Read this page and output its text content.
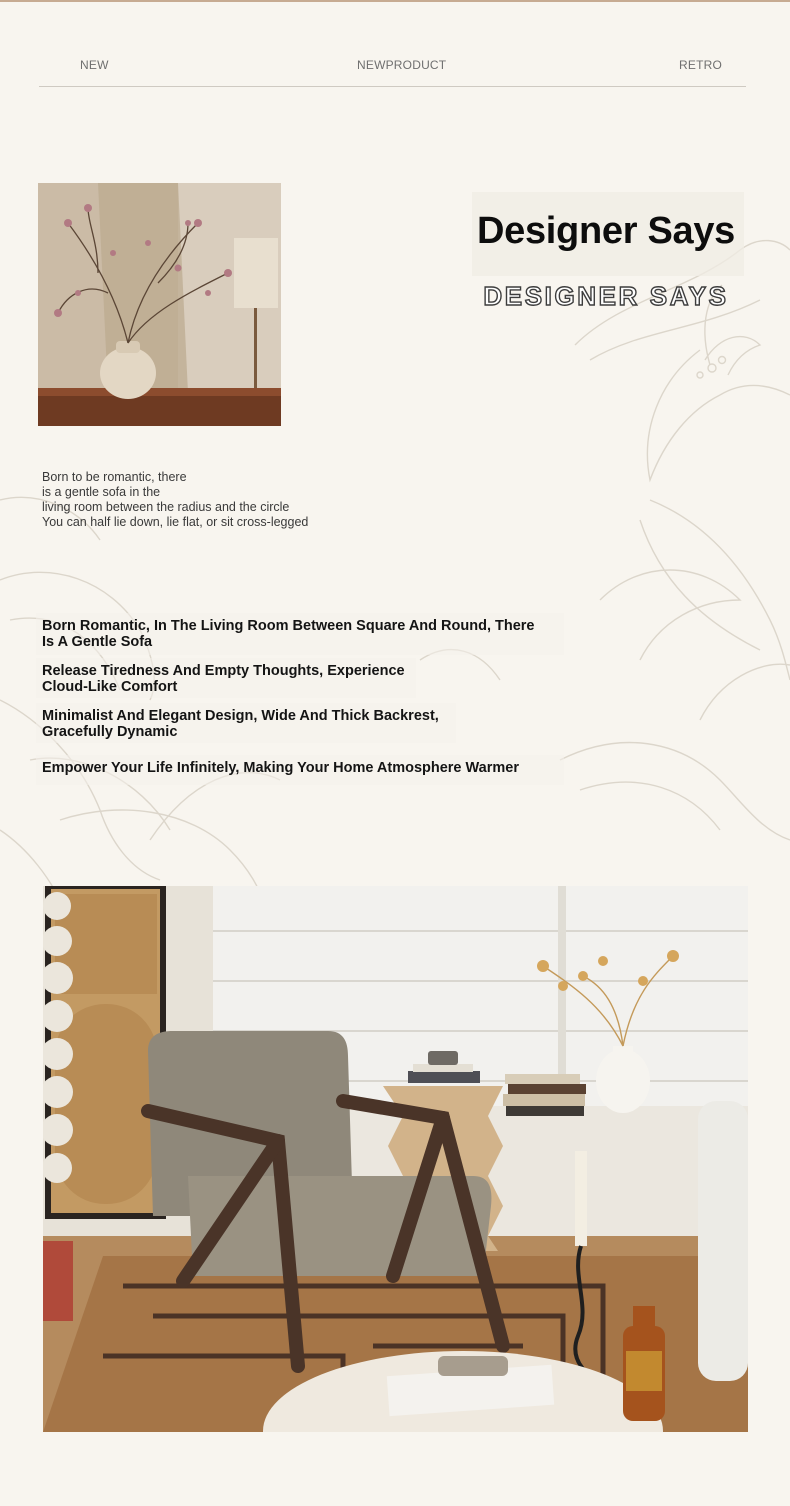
NEW	NEWPRODUCT	RETRO
Designer Says
DESIGNER SAYS
Born to be romantic, there
is a gentle sofa in the
living room between the radius and the circle
You can half lie down, lie flat, or sit cross-legged
Born Romantic, In The Living Room Between Square And Round, There
Is A Gentle Sofa
Release Tiredness And Empty Thoughts, Experience
Cloud-Like Comfort
Minimalist And Elegant Design, Wide And Thick Backrest,
Gracefully Dynamic
Empower Your Life Infinitely, Making Your Home Atmosphere Warmer
